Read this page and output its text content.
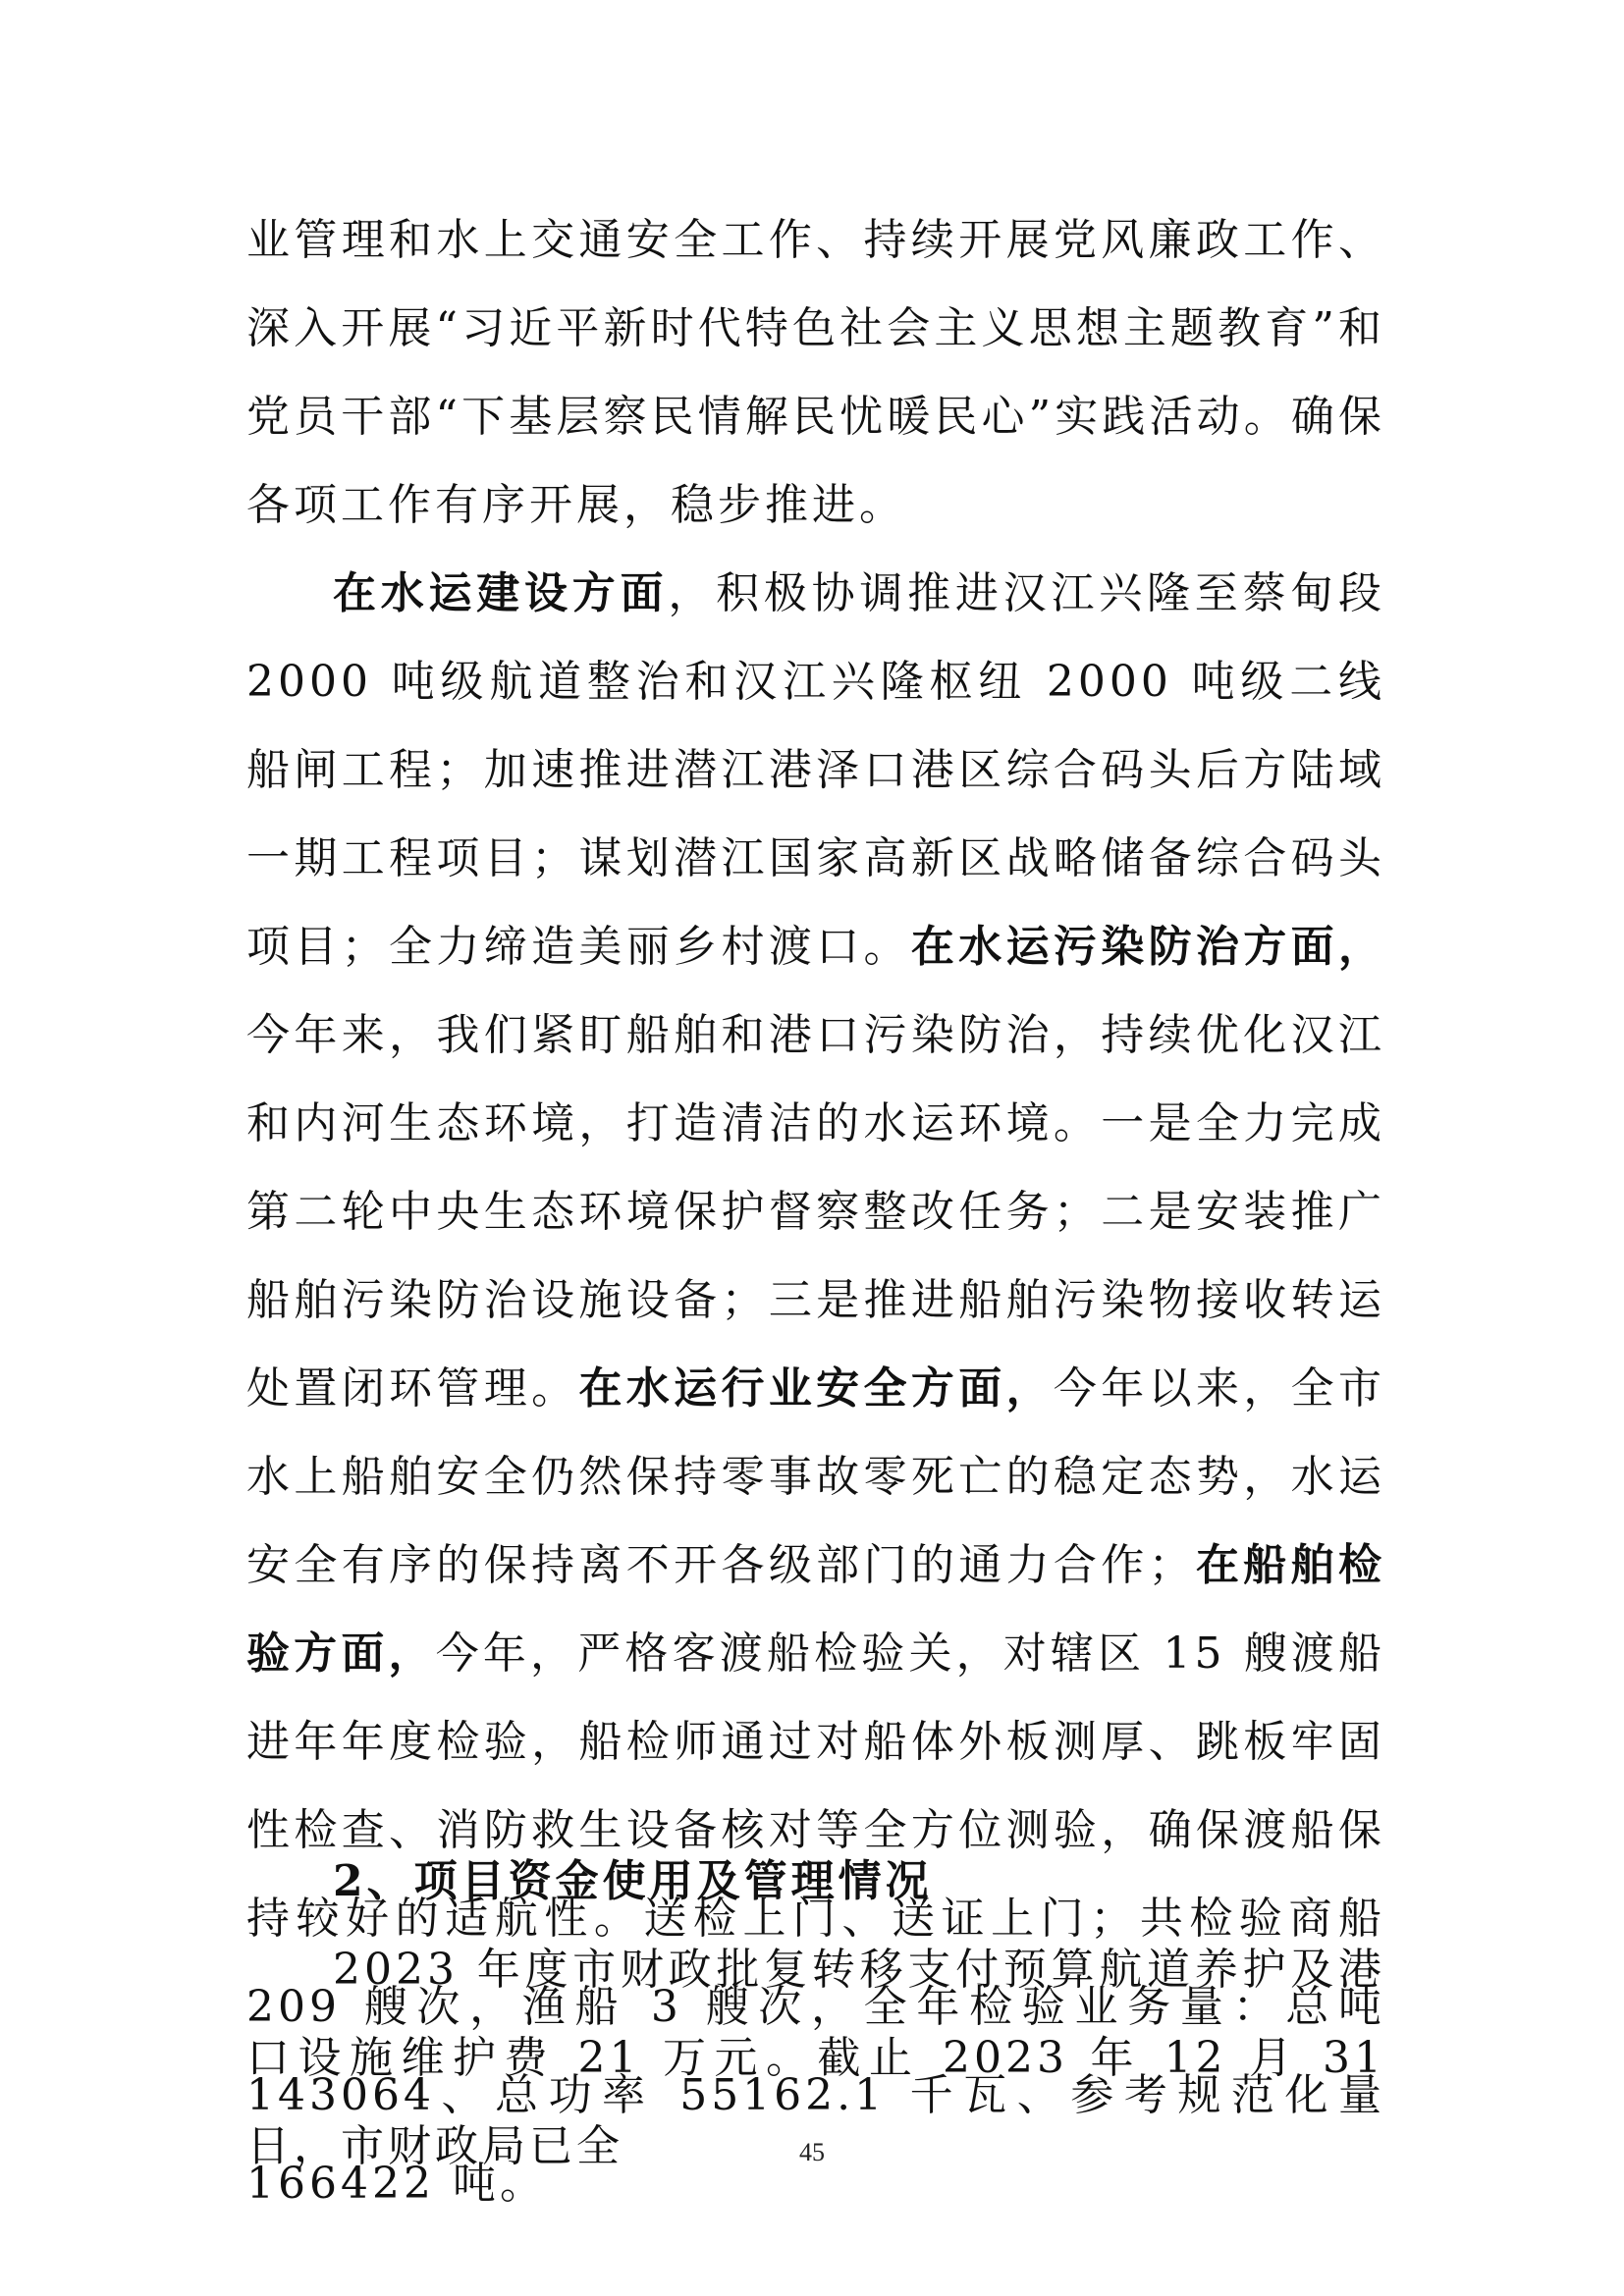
业管理和水上交通安全工作、持续开展党风廉政工作、深入开展“习近平新时代特色社会主义思想主题教育”和党员干部“下基层察民情解民忧暖民心”实践活动。确保各项工作有序开展，稳步推进。

在水运建设方面，积极协调推进汉江兴隆至蔡甸段 2000 吨级航道整治和汉江兴隆枢纽 2000 吨级二线船闸工程；加速推进潜江港泽口港区综合码头后方陆域一期工程项目；谋划潜江国家高新区战略储备综合码头项目；全力缔造美丽乡村渡口。在水运污染防治方面，今年来，我们紧盯船舶和港口污染防治，持续优化汉江和内河生态环境，打造清洁的水运环境。一是全力完成第二轮中央生态环境保护督察整改任务；二是安装推广船舶污染防治设施设备；三是推进船舶污染物接收转运处置闭环管理。在水运行业安全方面，今年以来，全市水上船舶安全仍然保持零事故零死亡的稳定态势，水运安全有序的保持离不开各级部门的通力合作；在船舶检验方面，今年，严格客渡船检验关，对辖区 15 艘渡船进年年度检验，船检师通过对船体外板测厚、跳板牢固性检查、消防救生设备核对等全方位测验，确保渡船保持较好的适航性。送检上门、送证上门；共检验商船 209 艘次，渔船 3 艘次，全年检验业务量：总吨 143064、总功率 55162.1 千瓦、参考规范化量 166422 吨。

2、项目资金使用及管理情况

2023 年度市财政批复转移支付预算航道养护及港口设施维护费 21 万元。截止 2023 年 12 月 31 日，市财政局已全	45
